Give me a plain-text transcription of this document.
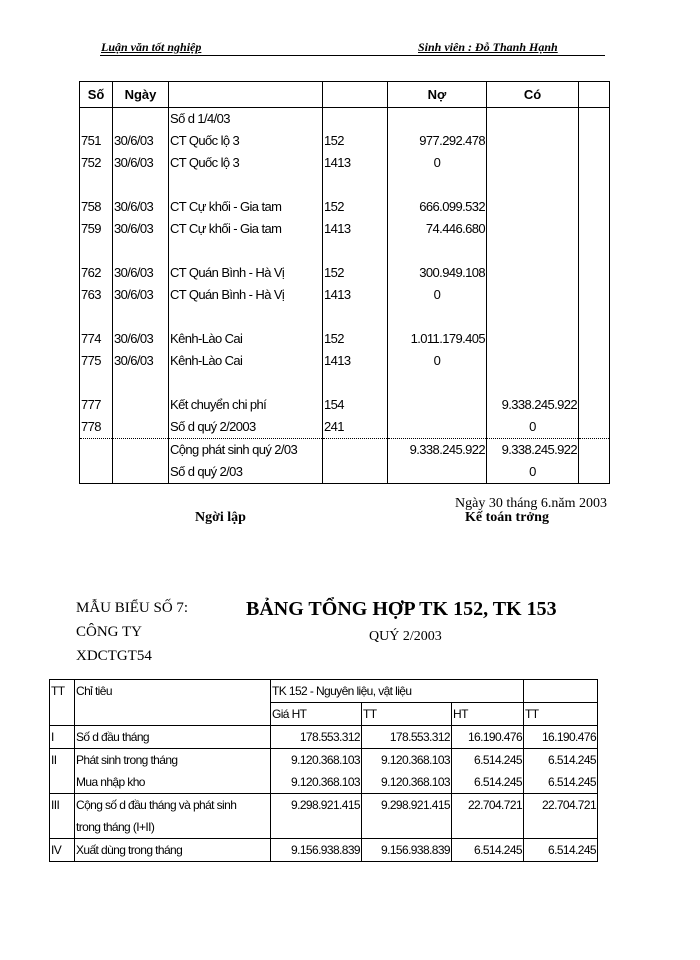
Luận văn tốt nghiệp	Sinh viên : Đỗ Thanh Hạnh
Số	Ngày			Nợ	Có	
		Số d 1/4/03				
751	30/6/03	CT Quốc lộ 3	152	977.292.478		
752	30/6/03	CT Quốc lộ 3	1413	0		

758	30/6/03	CT Cự khối - Gia tam	152	666.099.532		
759	30/6/03	CT Cự khối - Gia tam	1413	74.446.680		

762	30/6/03	CT Quán Bình - Hà Vị	152	300.949.108		
763	30/6/03	CT Quán Bình - Hà Vị	1413	0		

774	30/6/03	Kênh-Lào Cai	152	1.011.179.405		
775	30/6/03	Kênh-Lào Cai	1413	0		

777		Kết chuyển chi phí	154		9.338.245.922	
778		Số d quý 2/2003	241		0	
		Cộng phát sinh quý 2/03		9.338.245.922	9.338.245.922	
		Số d quý 2/03			0	
Ngày 30 tháng 6.năm 2003
Ngời lập	Kế toán trởng
MẪU BIỂU SỐ 7:
CÔNG TY
XDCTGT54
BẢNG TỔNG HỢP TK 152, TK 153
QUÝ 2/2003
TT	Chỉ tiêu	TK 152 - Nguyên liệu, vật liệu			
		Giá HT	TT	HT	TT
I	Số d đầu tháng	178.553.312	178.553.312	16.190.476	16.190.476
II	Phát sinh trong tháng	9.120.368.103	9.120.368.103	6.514.245	6.514.245
	Mua nhập kho	9.120.368.103	9.120.368.103	6.514.245	6.514.245
III	Cộng số d đầu tháng và phát sinh	9.298.921.415	9.298.921.415	22.704.721	22.704.721
	trong tháng (I+II)				
IV	Xuất dùng trong tháng	9.156.938.839	9.156.938.839	6.514.245	6.514.245
